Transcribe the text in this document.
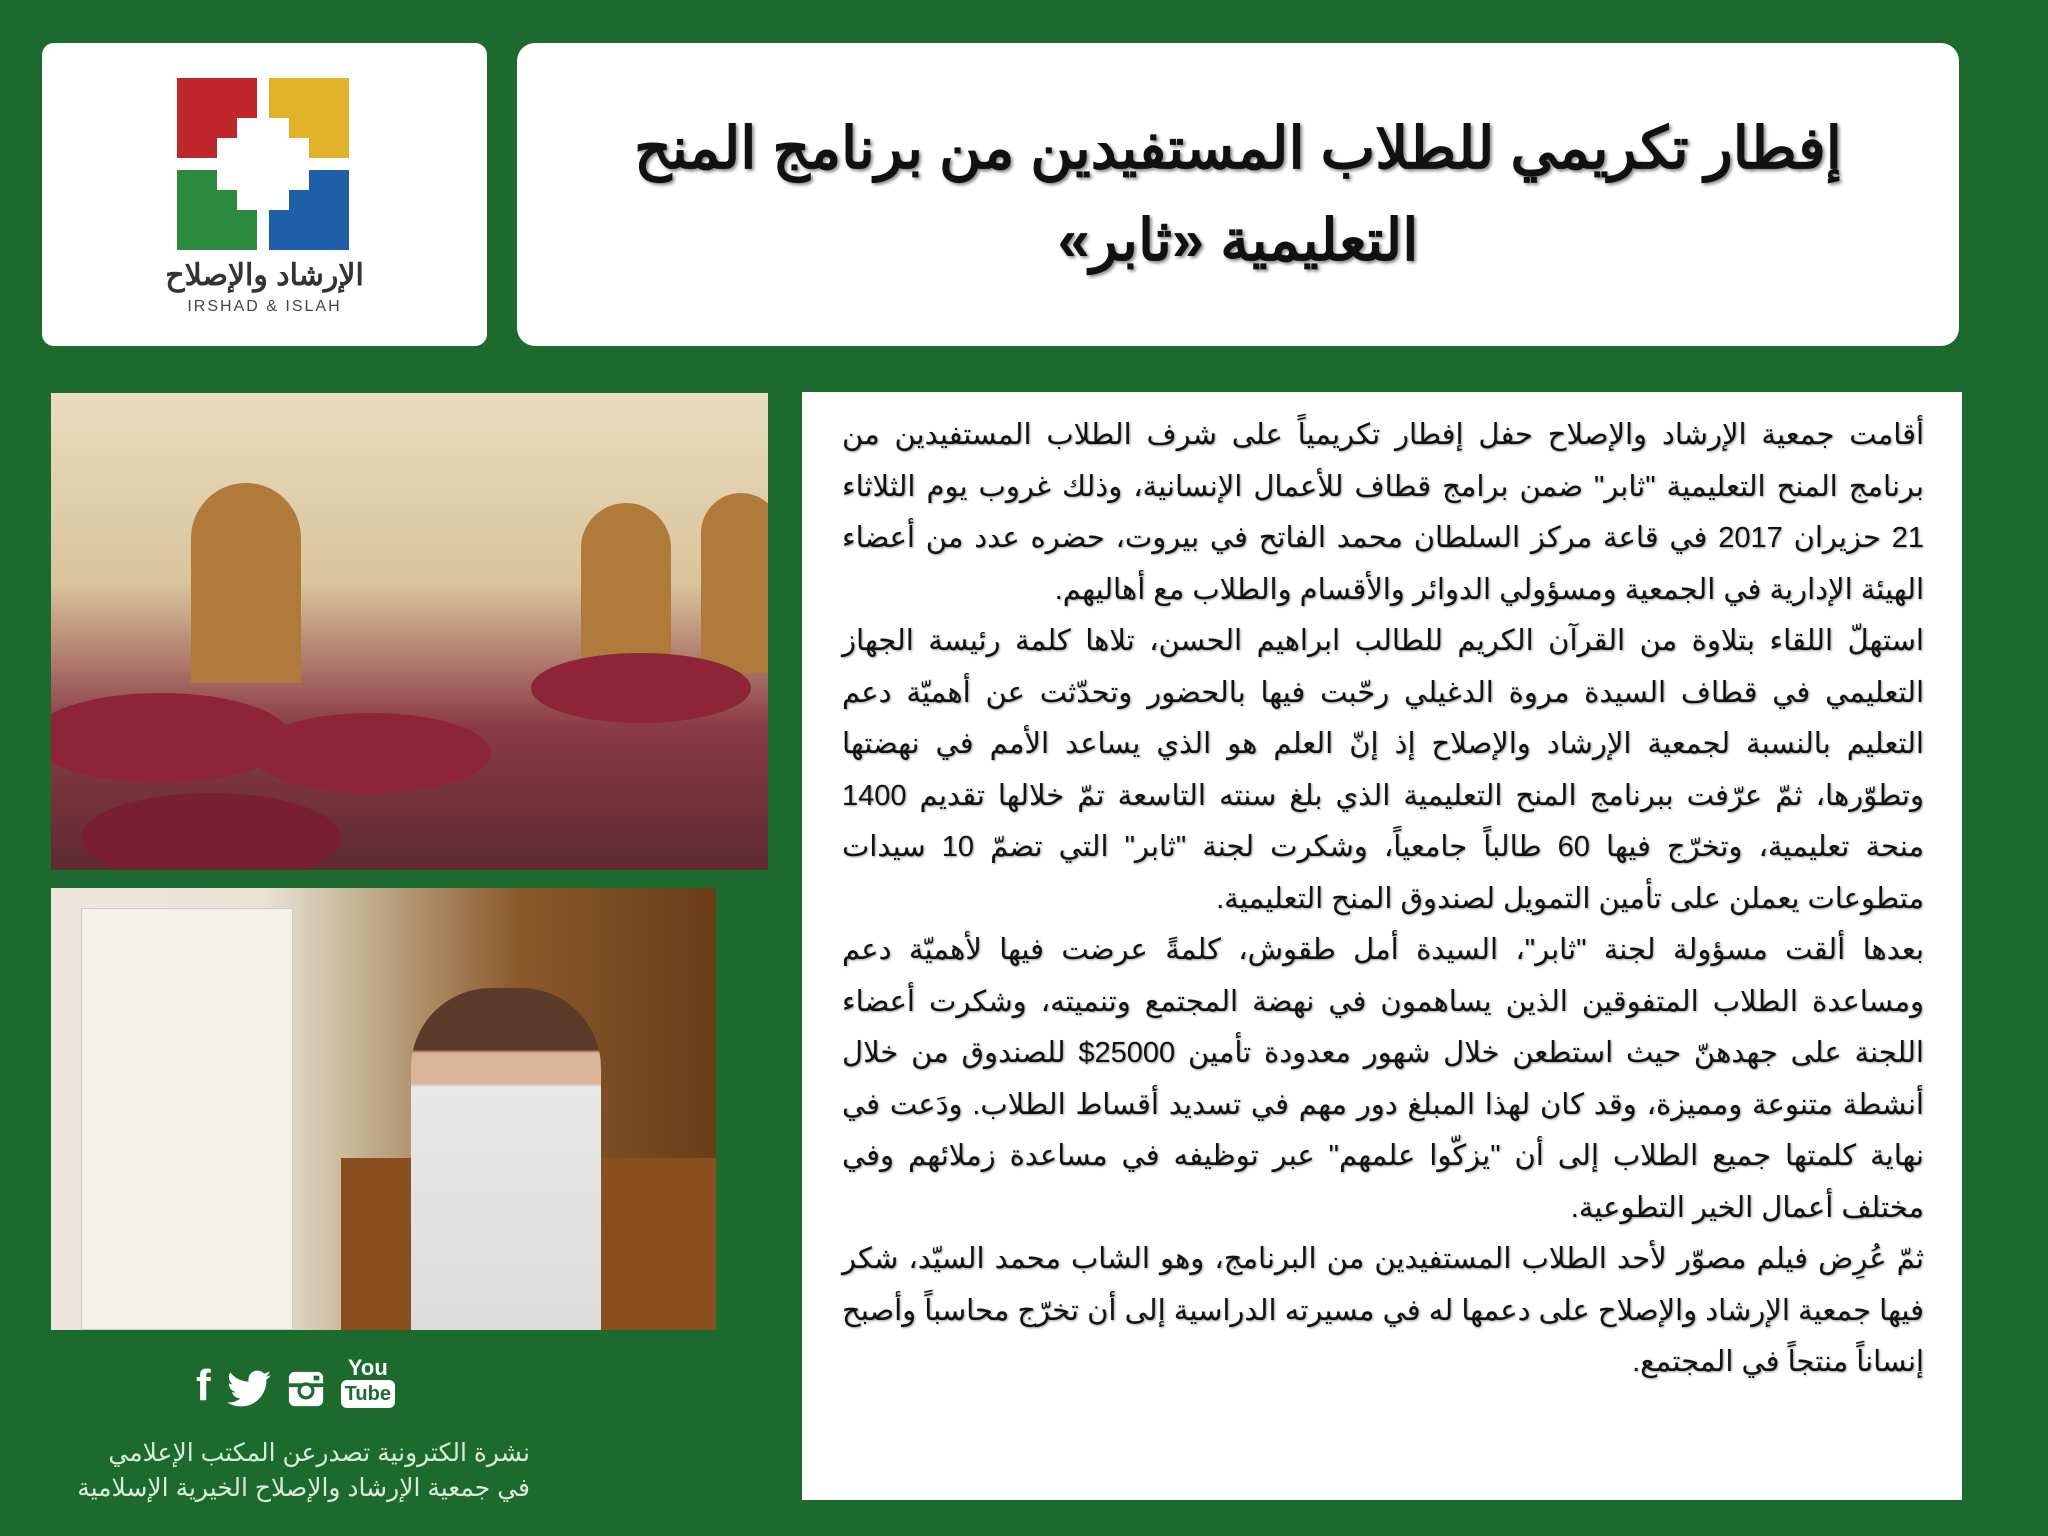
الإرشاد والإصلاح
IRSHAD & ISLAH
إفطار تكريمي للطلاب المستفيدين من برنامج المنح التعليمية «ثابر»

أقامت جمعية الإرشاد والإصلاح حفل إفطار تكريمياً على شرف الطلاب المستفيدين من برنامج المنح التعليمية "ثابر" ضمن برامج قطاف للأعمال الإنسانية، وذلك غروب يوم الثلاثاء 21 حزيران 2017 في قاعة مركز السلطان محمد الفاتح في بيروت، حضره عدد من أعضاء الهيئة الإدارية في الجمعية ومسؤولي الدوائر والأقسام والطلاب مع أهاليهم.

استهلّ اللقاء بتلاوة من القرآن الكريم للطالب ابراهيم الحسن، تلاها كلمة رئيسة الجهاز التعليمي في قطاف السيدة مروة الدغيلي رحّبت فيها بالحضور وتحدّثت عن أهميّة دعم التعليم بالنسبة لجمعية الإرشاد والإصلاح إذ إنّ العلم هو الذي يساعد الأمم في نهضتها وتطوّرها، ثمّ عرّفت ببرنامج المنح التعليمية الذي بلغ سنته التاسعة تمّ خلالها تقديم 1400 منحة تعليمية، وتخرّج فيها 60 طالباً جامعياً، وشكرت لجنة "ثابر" التي تضمّ 10 سيدات متطوعات يعملن على تأمين التمويل لصندوق المنح التعليمية.

بعدها ألقت مسؤولة لجنة "ثابر"، السيدة أمل طقوش، كلمةً عرضت فيها لأهميّة دعم ومساعدة الطلاب المتفوقين الذين يساهمون في نهضة المجتمع وتنميته، وشكرت أعضاء اللجنة على جهدهنّ حيث استطعن خلال شهور معدودة تأمين 25000$ للصندوق من خلال أنشطة متنوعة ومميزة، وقد كان لهذا المبلغ دور مهم في تسديد أقساط الطلاب. ودَعت في نهاية كلمتها جميع الطلاب إلى أن "يزكّوا علمهم" عبر توظيفه في مساعدة زملائهم وفي مختلف أعمال الخير التطوعية.

ثمّ عُرِض فيلم مصوّر لأحد الطلاب المستفيدين من البرنامج، وهو الشاب محمد السيّد، شكر فيها جمعية الإرشاد والإصلاح على دعمها له في مسيرته الدراسية إلى أن تخرّج محاسباً وأصبح إنساناً منتجاً في المجتمع.

f	You
Tube
نشرة الكترونية تصدرعن المكتب الإعلامي
في جمعية الإرشاد والإصلاح الخيرية الإسلامية
